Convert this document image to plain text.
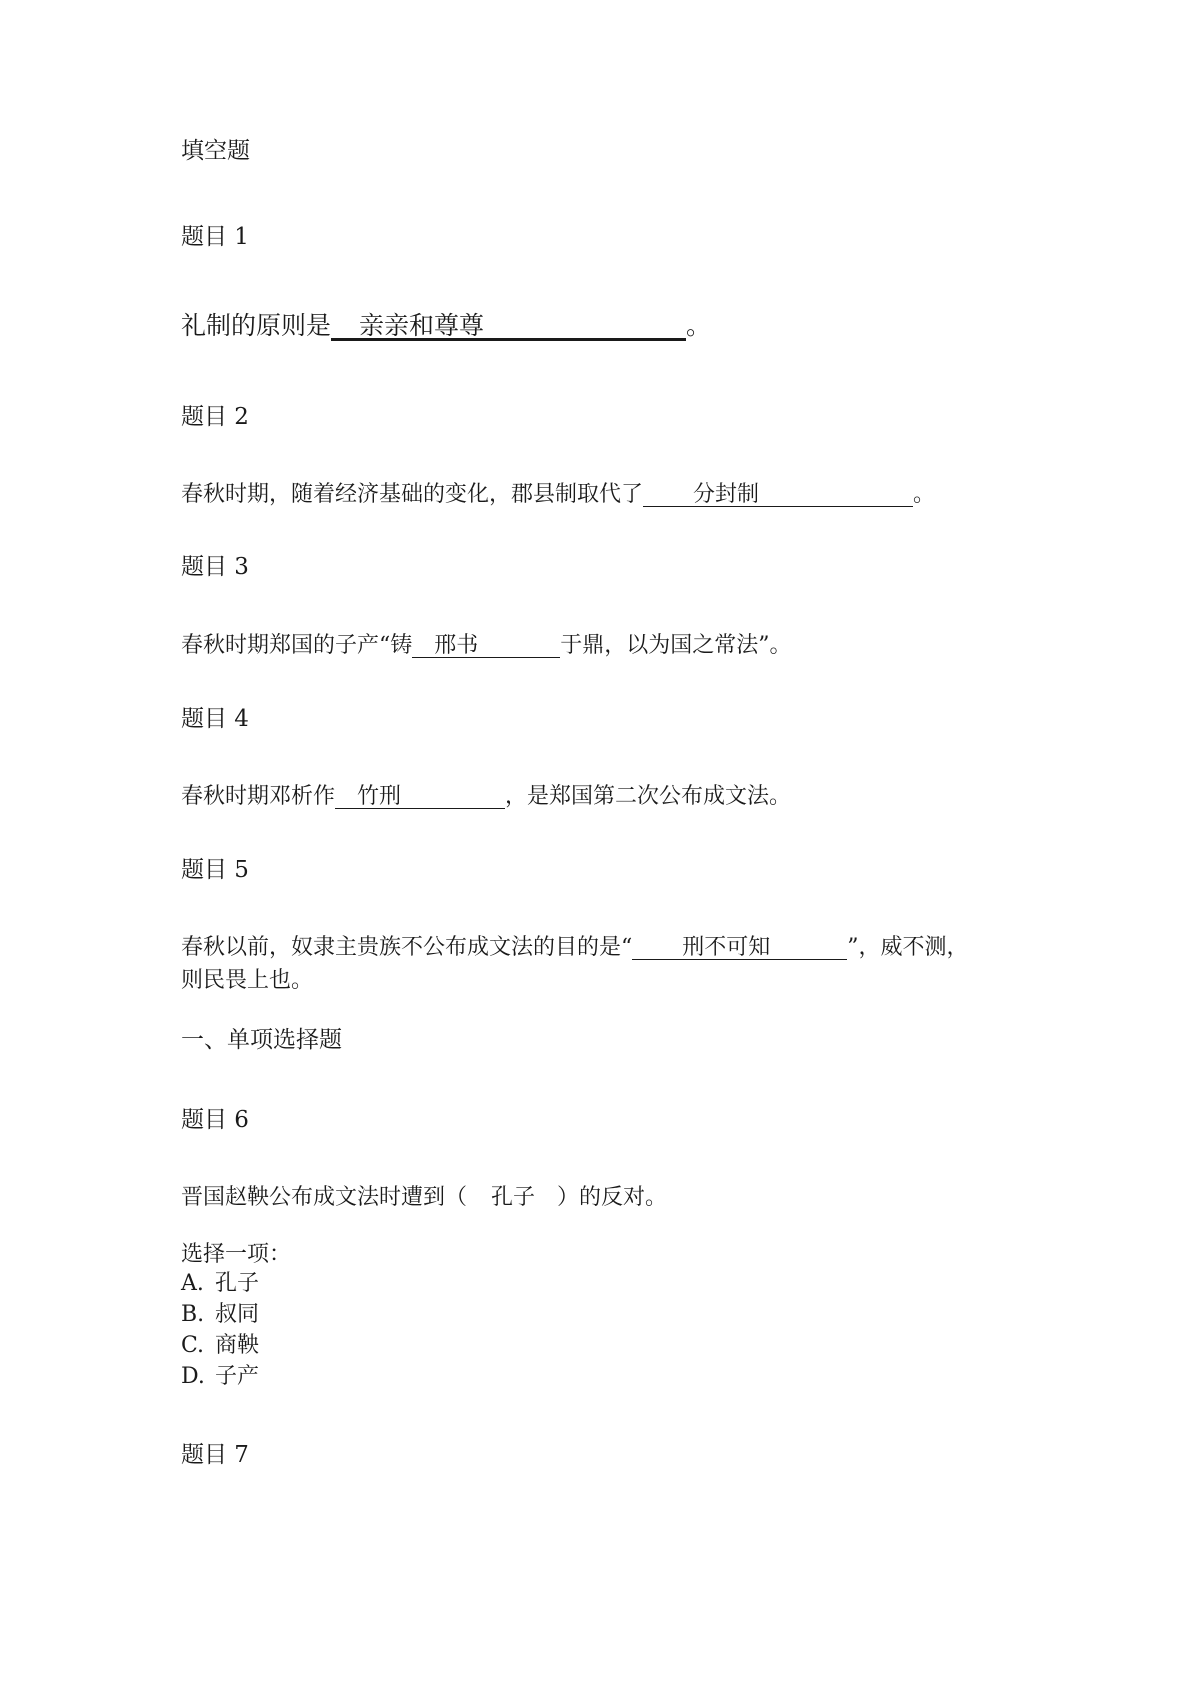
填空题
题目 1
礼制的原则是 亲亲和尊尊	。
题目 2
春秋时期，随着经济基础的变化，郡县制取代了 分封制	。
题目 3
春秋时期郑国的子产“铸 邢书	于鼎，以为国之常法”。
题目 4
春秋时期邓析作 竹刑	，是郑国第二次公布成文法。
题目 5
春秋以前，奴隶主贵族不公布成文法的目的是“ 刑不可知	”，威不测，
则民畏上也。
一、单项选择题
题目 6
晋国赵鞅公布成文法时遭到（ 孔子 ）的反对。
选择一项：
A. 孔子
B. 叔同
C. 商鞅
D. 子产
题目 7
